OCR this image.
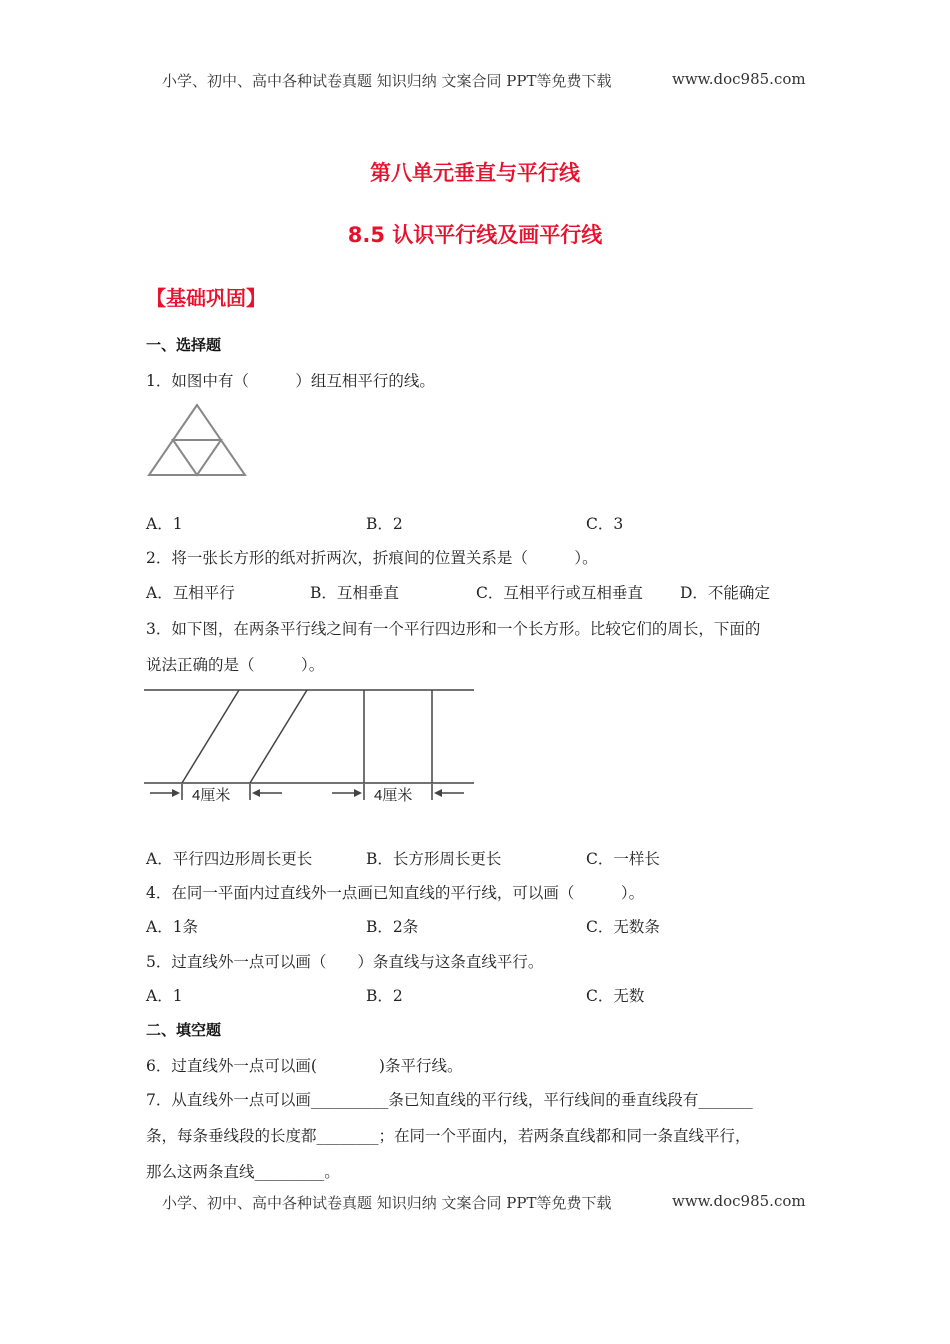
小学、初中、高中各种试卷真题 知识归纳 文案合同 PPT等免费下载	www.doc985.com
第八单元垂直与平行线
8.5 认识平行线及画平行线
【基础巩固】
一、选择题
1．如图中有（　　　）组互相平行的线。
A．1	B．2	C．3
2．将一张长方形的纸对折两次，折痕间的位置关系是（　　　）。
A．互相平行	B．互相垂直	C．互相平行或互相垂直 D．不能确定
3．如下图，在两条平行线之间有一个平行四边形和一个长方形。比较它们的周长，下面的
说法正确的是（　　　）。
4厘米	4厘米
A．平行四边形周长更长	B．长方形周长更长	C．一样长
4．在同一平面内过直线外一点画已知直线的平行线，可以画（　　　）。
A．1条	B．2条	C．无数条
5．过直线外一点可以画（　　）条直线与这条直线平行。
A．1	B．2	C．无数
二、填空题
6．过直线外一点可以画(　　　　)条平行线。
7．从直线外一点可以画__________条已知直线的平行线，平行线间的垂直线段有_______
条，每条垂线段的长度都________；在同一个平面内，若两条直线都和同一条直线平行，
那么这两条直线_________。
小学、初中、高中各种试卷真题 知识归纳 文案合同 PPT等免费下载	www.doc985.com
